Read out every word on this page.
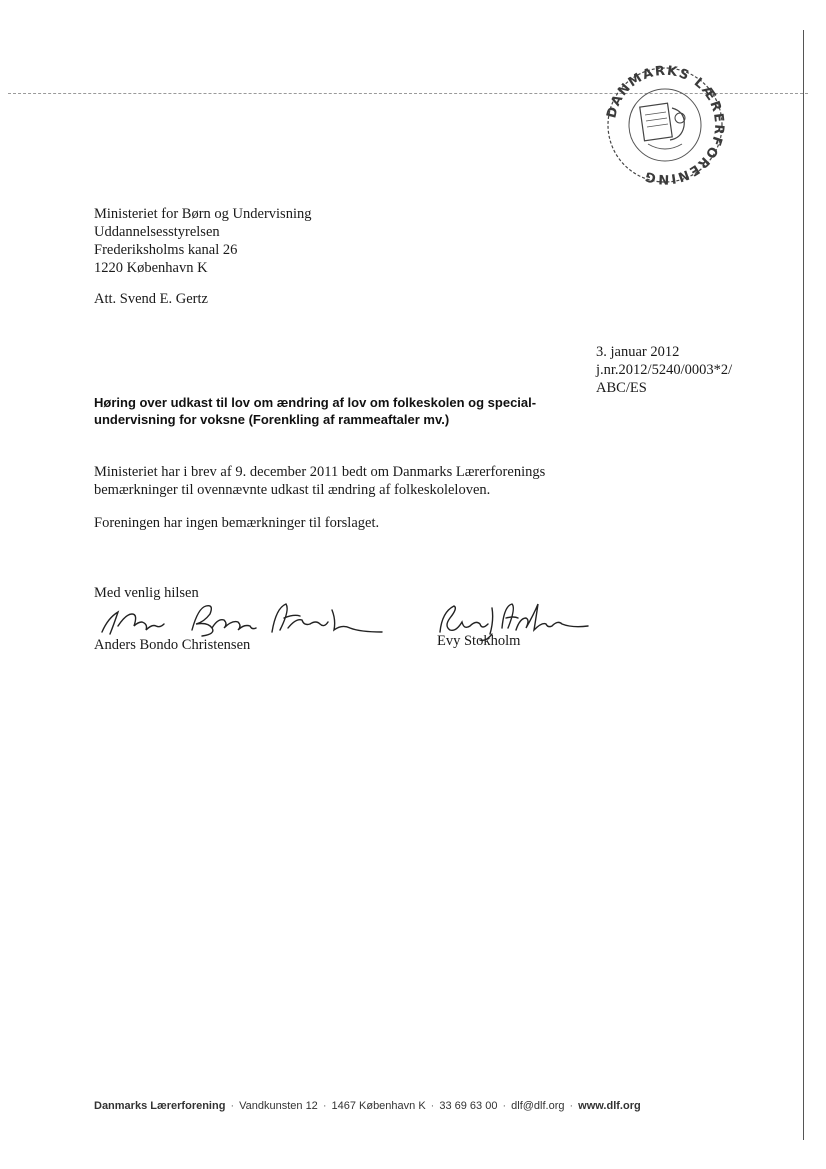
DANMARKS LÆRERFORENING
Ministeriet for Børn og Undervisning
Uddannelsesstyrelsen
Frederiksholms kanal 26
1220 København K
Att. Svend E. Gertz
3. januar 2012
j.nr.2012/5240/0003*2/
ABC/ES
Høring over udkast til lov om ændring af lov om folkeskolen og special-
undervisning for voksne (Forenkling af rammeaftaler mv.)
Ministeriet har i brev af 9. december 2011 bedt om Danmarks Lærerforenings
bemærkninger til ovennævnte udkast til ændring af folkeskoleloven.
Foreningen har ingen bemærkninger til forslaget.
Med venlig hilsen
Anders Bondo Christensen	Evy Stokholm
Danmarks Lærerforening · Vandkunsten 12 · 1467 København K · 33 69 63 00 · dlf@dlf.org · www.dlf.org
